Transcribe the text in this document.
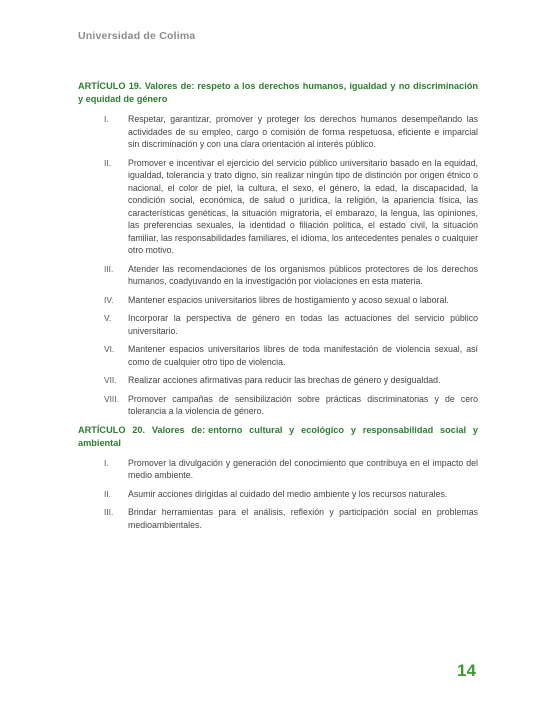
Universidad de Colima
ARTÍCULO 19. Valores de: respeto a los derechos humanos, igualdad y no discriminación y equidad de género
I. Respetar, garantizar, promover y proteger los derechos humanos desempeñando las actividades de su empleo, cargo o comisión de forma respetuosa, eficiente e imparcial sin discriminación y con una clara orientación al interés público.
II. Promover e incentivar el ejercicio del servicio público universitario basado en la equidad, igualdad, tolerancia y trato digno, sin realizar ningún tipo de distinción por origen étnico o nacional, el color de piel, la cultura, el sexo, el género, la edad, la discapacidad, la condición social, económica, de salud o jurídica, la religión, la apariencia física, las características genéticas, la situación migratoria, el embarazo, la lengua, las opiniones, las preferencias sexuales, la identidad o filiación política, el estado civil, la situación familiar, las responsabilidades familiares, el idioma, los antecedentes penales o cualquier otro motivo.
III. Atender las recomendaciones de los organismos públicos protectores de los derechos humanos, coadyuvando en la investigación por violaciones en esta materia.
IV. Mantener espacios universitarios libres de hostigamiento y acoso sexual o laboral.
V. Incorporar la perspectiva de género en todas las actuaciones del servicio público universitario.
VI. Mantener espacios universitarios libres de toda manifestación de violencia sexual, así como de cualquier otro tipo de violencia.
VII. Realizar acciones afirmativas para reducir las brechas de género y desigualdad.
VIII. Promover campañas de sensibilización sobre prácticas discriminatorias y de cero tolerancia a la violencia de género.
ARTÍCULO 20. Valores de: entorno cultural y ecológico y responsabilidad social y ambiental
I. Promover la divulgación y generación del conocimiento que contribuya en el impacto del medio ambiente.
II. Asumir acciones dirigidas al cuidado del medio ambiente y los recursos naturales.
III. Brindar herramientas para el análisis, reflexión y participación social en problemas medioambientales.
14
